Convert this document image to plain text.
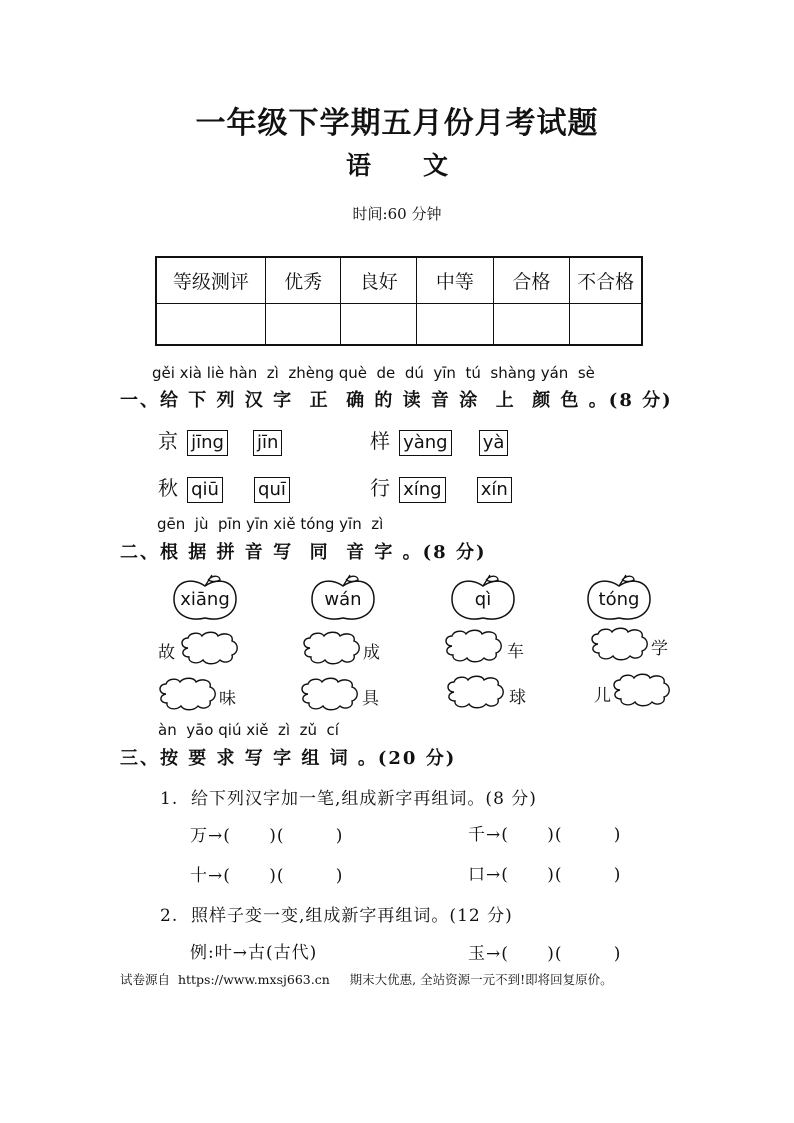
一年级下学期五月份月考试题
语 文
时间:60 分钟
等级测评	优秀	良好	中等	合格	不合格

gěi xià liè hàn  zì  zhèng què  de  dú  yīn  tú  shàng yán  sè
一、给 下 列 汉 字  正  确 的 读 音 涂  上  颜 色 。(8 分)
京 jīng jīn	样 yàng yà
秋 qiū quī	行 xíng xín
gēn  jù  pīn yīn xiě tóng yīn  zì
二、根 据 拼 音 写  同  音 字 。(8 分)
xiāng	wán	qì	tóng
故	成	车	学
味	具	球	儿
àn  yāo qiú xiě  zì  zǔ  cí
三、按 要 求 写 字 组 词 。(20 分)
1.  给下列汉字加一笔,组成新字再组词。(8 分)
万→(      )(        )	千→(      )(        )
十→(      )(        )	口→(      )(        )
2.  照样子变一变,组成新字再组词。(12 分)
例:叶→古(古代)	玉→(      )(        )
试卷源自  https://www.mxsj663.cn     期末大优惠, 全站资源一元不到!即将回复原价。
